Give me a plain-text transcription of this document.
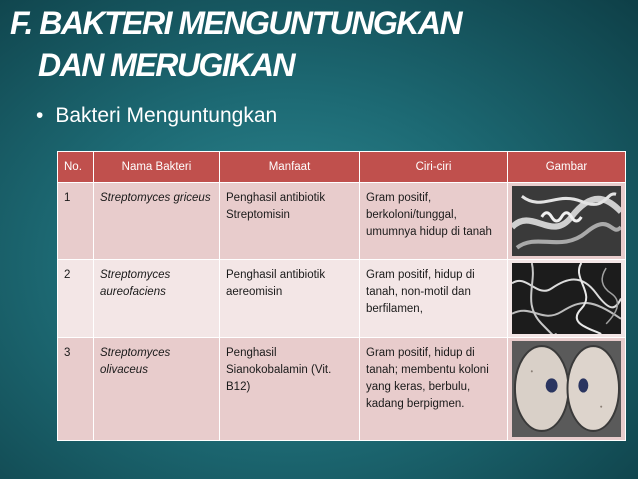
F. BAKTERI MENGUNTUNGKAN
DAN MERUGIKAN
• Bakteri Menguntungkan
No.	Nama Bakteri	Manfaat	Ciri-ciri	Gambar
1	Streptomyces griceus	Penghasil antibiotik Streptomisin	Gram positif, berkoloni/tunggal, umumnya hidup di tanah	

2	Streptomyces aureofaciens	Penghasil antibiotik aereomisin	Gram positif, hidup di tanah, non-motil dan berfilamen,	

3	Streptomyces olivaceus	Penghasil Sianokobalamin (Vit. B12)	Gram positif, hidup di tanah; membentu koloni yang keras, berbulu, kadang berpigmen.	
